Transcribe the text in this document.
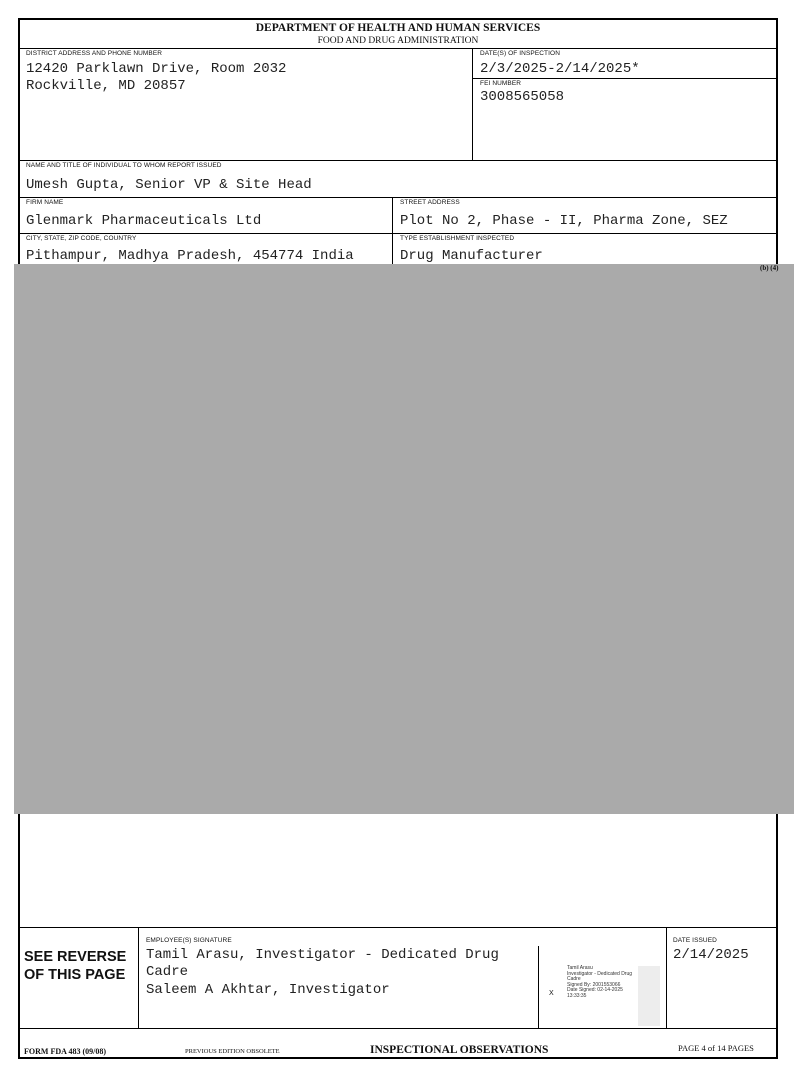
DEPARTMENT OF HEALTH AND HUMAN SERVICES
FOOD AND DRUG ADMINISTRATION
DISTRICT ADDRESS AND PHONE NUMBER
12420 Parklawn Drive, Room 2032
Rockville, MD 20857
DATE(S) OF INSPECTION
2/3/2025-2/14/2025*
FEI NUMBER
3008565058
NAME AND TITLE OF INDIVIDUAL TO WHOM REPORT ISSUED
Umesh Gupta, Senior VP & Site Head
FIRM NAME
Glenmark Pharmaceuticals Ltd
STREET ADDRESS
Plot No 2, Phase - II, Pharma Zone, SEZ
CITY, STATE, ZIP CODE, COUNTRY
Pithampur, Madhya Pradesh, 454774 India
TYPE ESTABLISHMENT INSPECTED
Drug Manufacturer
(b) (4)
SEE REVERSE
OF THIS PAGE
EMPLOYEE(S) SIGNATURE
Tamil Arasu, Investigator - Dedicated Drug
Cadre
Saleem A Akhtar, Investigator	X
Tamil Arasu
Investigator - Dedicated Drug
Cadre
Signed By: 2001553066
Date Signed: 02-14-2025
13:33:35
DATE ISSUED
2/14/2025
FORM FDA 483 (09/08)	PREVIOUS EDITION OBSOLETE	INSPECTIONAL OBSERVATIONS	PAGE 4 of 14 PAGES
